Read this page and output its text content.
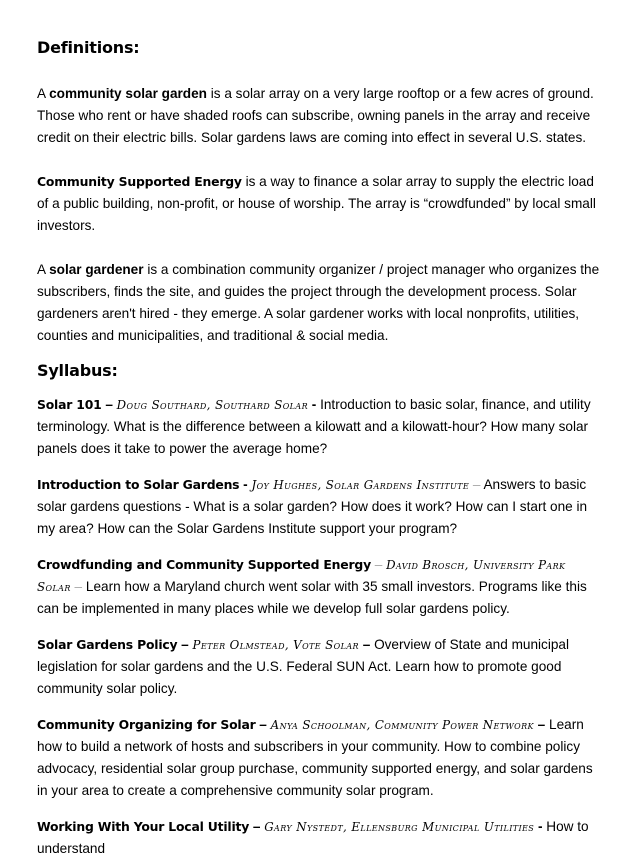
Definitions:

A community solar garden is a solar array on a very large rooftop or a few acres of ground. Those who rent or have shaded roofs can subscribe, owning panels in the array and receive credit on their electric bills. Solar gardens laws are coming into effect in several U.S. states.

Community Supported Energy is a way to finance a solar array to supply the electric load of a public building, non-profit, or house of worship. The array is “crowdfunded” by local small investors.

A solar gardener is a combination community organizer / project manager who organizes the subscribers, finds the site, and guides the project through the development process. Solar gardeners aren't hired - they emerge. A solar gardener works with local nonprofits, utilities, counties and municipalities, and traditional & social media.

Syllabus:

Solar 101 – Doug Southard, Southard Solar - Introduction to basic solar, finance, and utility terminology. What is the difference between a kilowatt and a kilowatt-hour? How many solar panels does it take to power the average home?

Introduction to Solar Gardens - Joy Hughes, Solar Gardens Institute – Answers to basic solar gardens questions - What is a solar garden? How does it work? How can I start one in my area? How can the Solar Gardens Institute support your program?

Crowdfunding and Community Supported Energy – David Brosch, University Park Solar – Learn how a Maryland church went solar with 35 small investors. Programs like this can be implemented in many places while we develop full solar gardens policy.

Solar Gardens Policy – Peter Olmstead, Vote Solar – Overview of State and municipal legislation for solar gardens and the U.S. Federal SUN Act. Learn how to promote good community solar policy.

Community Organizing for Solar – Anya Schoolman, Community Power Network – Learn how to build a network of hosts and subscribers in your community. How to combine policy advocacy, residential solar group purchase, community supported energy, and solar gardens in your area to create a comprehensive community solar program.

Working With Your Local Utility – Gary Nystedt, Ellensburg Municipal Utilities - How to understand
